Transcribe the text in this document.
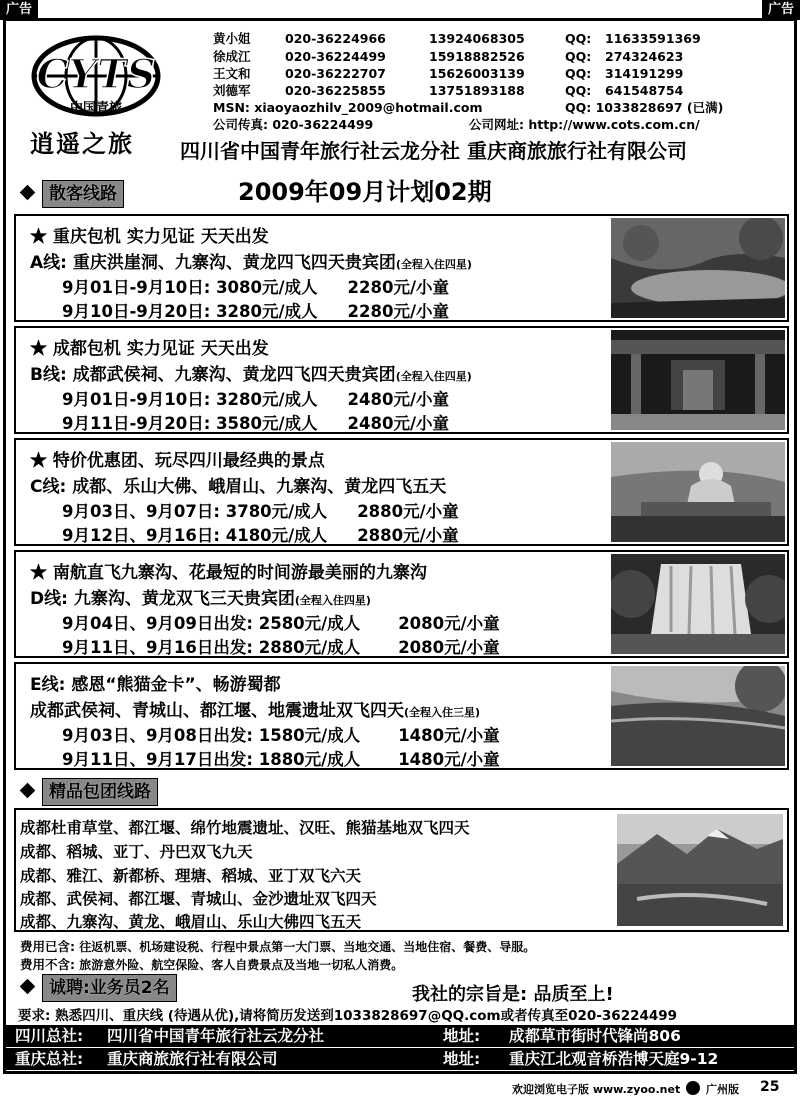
广告	广告
CYTS
中国青旅
逍遥之旅
黄小姐	020-36224966	13924068305	QQ: 11633591369
徐成江	020-36224499	15918882526	QQ: 274324623
王文和	020-36222707	15626003139	QQ: 314191299
刘德军	020-36225855	13751893188	QQ: 641548754
MSN: xiaoyaozhilv_2009@hotmail.com	QQ: 1033828697 (已满)
公司传真: 020-36224499	公司网址: http://www.cots.com.cn/
四川省中国青年旅行社云龙分社 重庆商旅旅行社有限公司
散客线路	2009年09月计划02期
★ 重庆包机 实力见证 天天出发
A线: 重庆洪崖洞、九寨沟、黄龙四飞四天贵宾团(全程入住四星)
9月01日-9月10日: 3080元/成人 2280元/小童
9月10日-9月20日: 3280元/成人 2280元/小童
★ 成都包机 实力见证 天天出发
B线: 成都武侯祠、九寨沟、黄龙四飞四天贵宾团(全程入住四星)
9月01日-9月10日: 3280元/成人 2480元/小童
9月11日-9月20日: 3580元/成人 2480元/小童
★ 特价优惠团、玩尽四川最经典的景点
C线: 成都、乐山大佛、峨眉山、九寨沟、黄龙四飞五天
9月03日、9月07日: 3780元/成人 2880元/小童
9月12日、9月16日: 4180元/成人 2880元/小童
★ 南航直飞九寨沟、花最短的时间游最美丽的九寨沟
D线: 九寨沟、黄龙双飞三天贵宾团(全程入住四星)
9月04日、9月09日出发: 2580元/成人 2080元/小童
9月11日、9月16日出发: 2880元/成人 2080元/小童
E线: 感恩“熊猫金卡”、畅游蜀都
成都武侯祠、青城山、都江堰、地震遗址双飞四天(全程入住三星)
9月03日、9月08日出发: 1580元/成人 1480元/小童
9月11日、9月17日出发: 1880元/成人 1480元/小童
精品包团线路
成都杜甫草堂、都江堰、绵竹地震遗址、汉旺、熊猫基地双飞四天
成都、稻城、亚丁、丹巴双飞九天
成都、雅江、新都桥、理塘、稻城、亚丁双飞六天
成都、武侯祠、都江堰、青城山、金沙遗址双飞四天
成都、九寨沟、黄龙、峨眉山、乐山大佛四飞五天
费用已含: 往返机票、机场建设税、行程中景点第一大门票、当地交通、当地住宿、餐费、导服。
费用不含: 旅游意外险、航空保险、客人自费景点及当地一切私人消费。
诚聘:业务员2名	我社的宗旨是: 品质至上!
要求: 熟悉四川、重庆线 (待遇从优),请将简历发送到1033828697@QQ.com或者传真至020-36224499
四川总社: 四川省中国青年旅行社云龙分社	地址: 成都草市街时代锋尚806
重庆总社: 重庆商旅旅行社有限公司	地址: 重庆江北观音桥浩博天庭9-12
欢迎浏览电子版 www.zyoo.net 广州版 25
